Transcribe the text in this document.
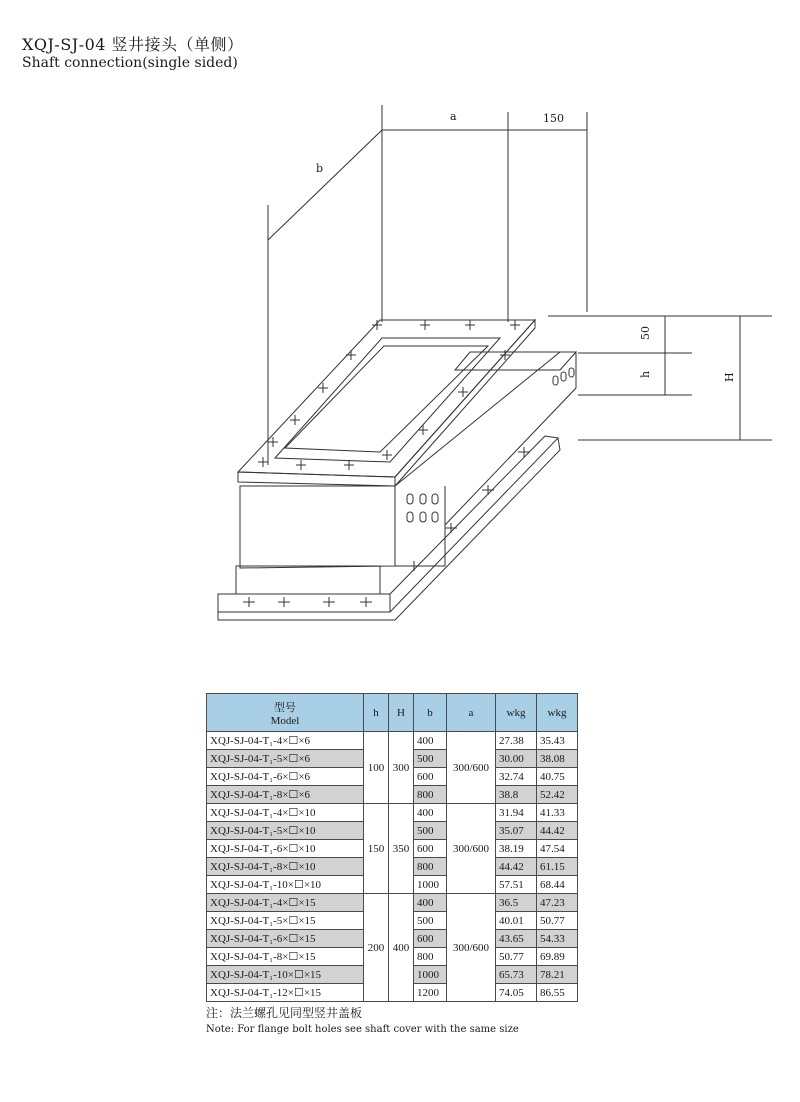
XQJ-SJ-04 竖井接头（单侧）
Shaft connection(single sided)
b
a	150
50
h	H
型号
Model	h	H	b	a	wkg	wkg
XQJ-SJ-04-T₁-4×☐×6	100	300	400	300/600	27.38	35.43
XQJ-SJ-04-T₁-5×☐×6			500		30.00	38.08
XQJ-SJ-04-T₁-6×☐×6			600		32.74	40.75
XQJ-SJ-04-T₁-8×☐×6			800		38.8	52.42
XQJ-SJ-04-T₁-4×☐×10	150	350	400	300/600	31.94	41.33
XQJ-SJ-04-T₁-5×☐×10			500		35.07	44.42
XQJ-SJ-04-T₁-6×☐×10			600		38.19	47.54
XQJ-SJ-04-T₁-8×☐×10			800		44.42	61.15
XQJ-SJ-04-T₁-10×☐×10			1000		57.51	68.44
XQJ-SJ-04-T₁-4×☐×15	200	400	400	300/600	36.5	47.23
XQJ-SJ-04-T₁-5×☐×15			500		40.01	50.77
XQJ-SJ-04-T₁-6×☐×15			600		43.65	54.33
XQJ-SJ-04-T₁-8×☐×15			800		50.77	69.89
XQJ-SJ-04-T₁-10×☐×15			1000		65.73	78.21
XQJ-SJ-04-T₁-12×☐×15			1200		74.05	86.55
注：法兰螺孔见同型竖井盖板
Note: For flange bolt holes see shaft cover with the same size
